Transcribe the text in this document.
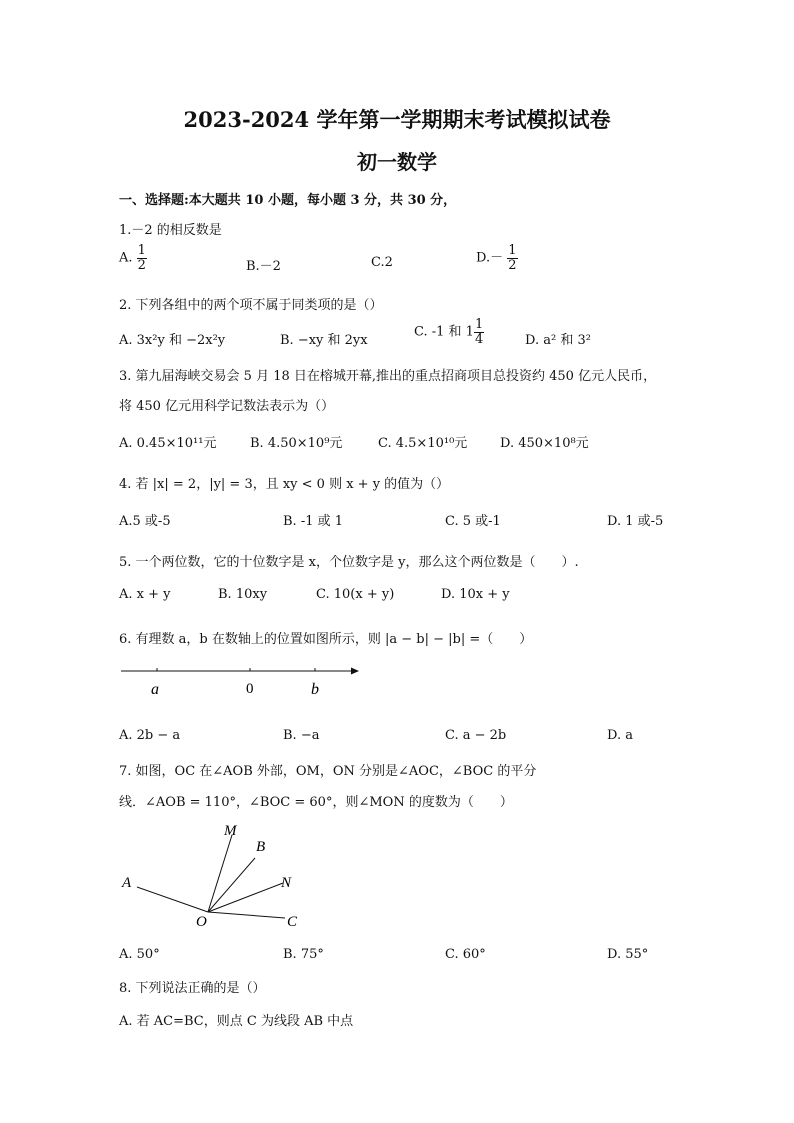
2023-2024 学年第一学期期末考试模拟试卷
初一数学
一、选择题:本大题共 10 小题，每小题 3 分，共 30 分，
1.－2 的相反数是
A. $\frac{1}{2}$	B.－2	C.2	$D.- \frac{1}{2}$
2. 下列各组中的两个项不属于同类项的是（）
A. 3x²y 和 −2x²y	B. −xy 和 2yx
C. -1 和 $1 \frac{1}{4}$	D. a² 和 3²
3. 第九届海峡交易会 5 月 18 日在榕城开幕,推出的重点招商项目总投资约 450 亿元人民币，
将 450 亿元用科学记数法表示为（）
A. 0.45×10¹¹元	B. 4.50×10⁹元	C. 4.5×10¹⁰元	D. 450×10⁸元
4. 若 |x| = 2，|y| = 3，且 xy < 0 则 x + y 的值为（）
A.5 或-5	B. -1 或 1	C. 5 或-1	D. 1 或-5
5. 一个两位数，它的十位数字是 x，个位数字是 y，那么这个两位数是（　　）.
A. x + y	B. 10xy	C. 10(x + y)	D. 10x + y
6. 有理数 a，b 在数轴上的位置如图所示，则 |a − b| − |b| =（　　）
a	0	b
A. 2b − a	B. −a	C. a − 2b	D. a
7. 如图，OC 在∠AOB 外部，OM，ON 分别是∠AOC，∠BOC 的平分
线．∠AOB = 110°，∠BOC = 60°，则∠MON 的度数为（　　）
M
B
A	N
O	C
A. 50°	B. 75°	C. 60°	D. 55°
8. 下列说法正确的是（）
A. 若 AC=BC，则点 C 为线段 AB 中点
